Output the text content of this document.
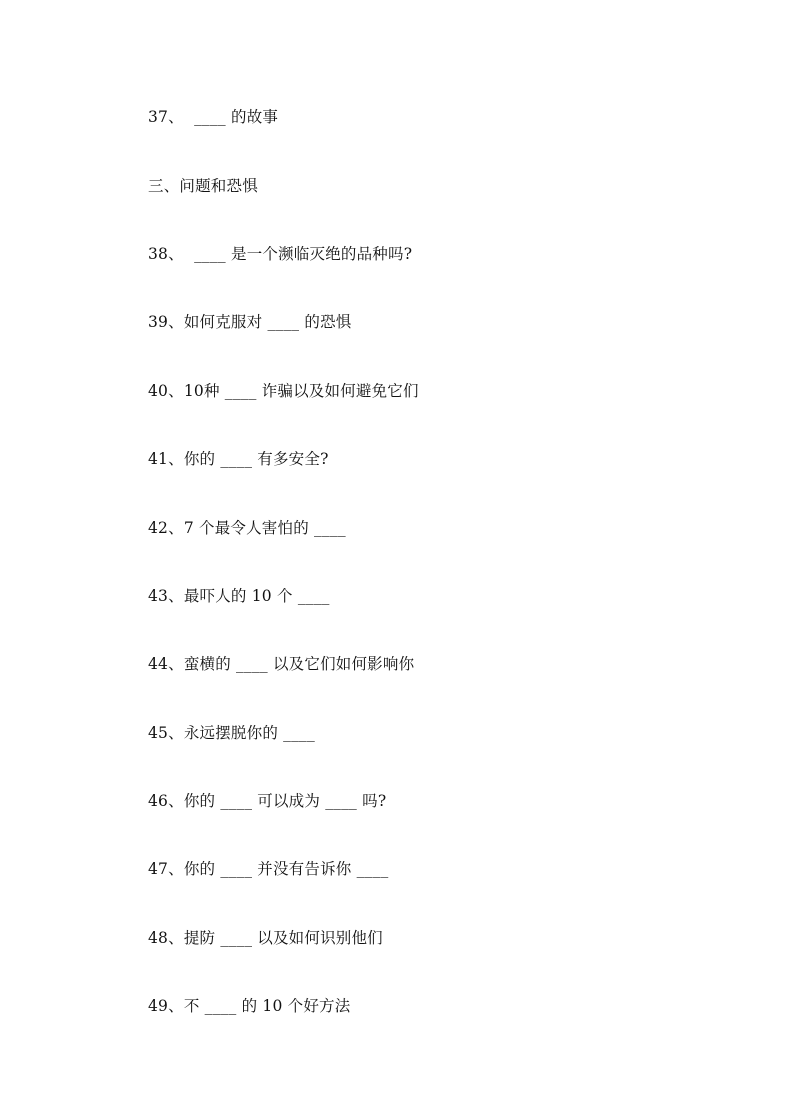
37、  ____ 的故事
三、问题和恐惧
38、  ____ 是一个濒临灭绝的品种吗?
39、如何克服对 ____ 的恐惧
40、10种 ____ 诈骗以及如何避免它们
41、你的 ____ 有多安全?
42、7 个最令人害怕的 ____
43、最吓人的 10 个 ____
44、蛮横的 ____ 以及它们如何影响你
45、永远摆脱你的 ____
46、你的 ____ 可以成为 ____ 吗?
47、你的 ____ 并没有告诉你 ____
48、提防 ____ 以及如何识别他们
49、不 ____ 的 10 个好方法
